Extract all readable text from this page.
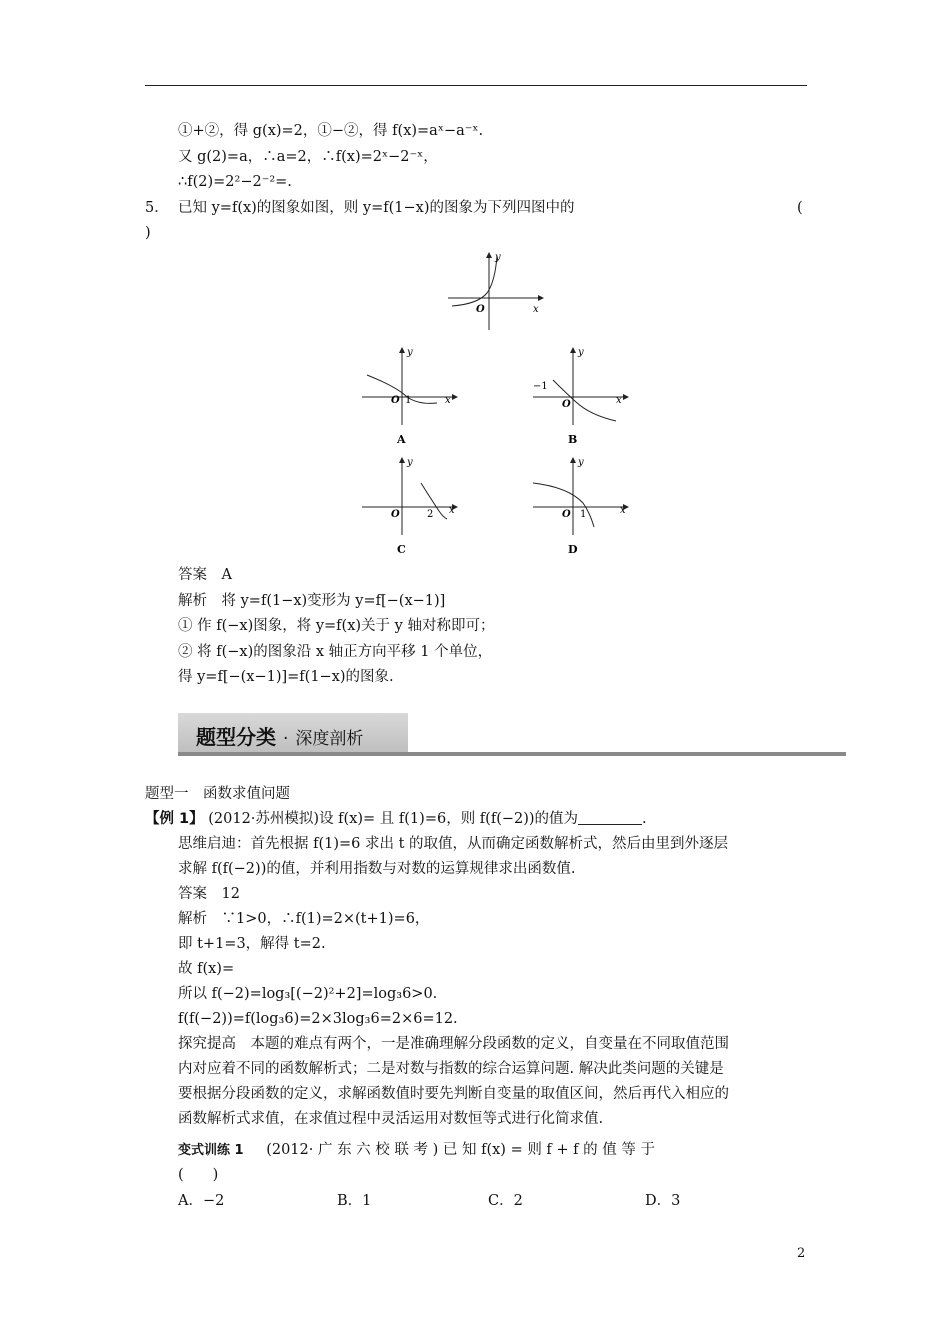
①+②，得 g(x)=2，①−②，得 f(x)=aˣ−a⁻ˣ.
又 g(2)=a，∴a=2，∴f(x)=2ˣ−2⁻ˣ，
∴f(2)=2²−2⁻²=.
5． 已知 y=f(x)的图象如图，则 y=f(1−x)的图象为下列四图中的	(
)
y
x
O
y
x
O 1
A
y
x
O
−1
B
y
x
O	2
C
y
x
O 1
D
答案　A
解析　将 y=f(1−x)变形为 y=f[−(x−1)]
① 作 f(−x)图象，将 y=f(x)关于 y 轴对称即可；
② 将 f(−x)的图象沿 x 轴正方向平移 1 个单位，
得 y=f[−(x−1)]=f(1−x)的图象.
题型分类 · 深度剖析
题型一　函数求值问题
【例 1】 (2012·苏州模拟)设 f(x)= 且 f(1)=6，则 f(f(−2))的值为	.
思维启迪：首先根据 f(1)=6 求出 t 的取值，从而确定函数解析式，然后由里到外逐层
求解 f(f(−2))的值，并利用指数与对数的运算规律求出函数值.
答案　12
解析　∵1>0，∴f(1)=2×(t+1)=6，
即 t+1=3，解得 t=2.
故 f(x)=
所以 f(−2)=log₃[(−2)²+2]=log₃6>0.
f(f(−2))=f(log₃6)=2×3log₃6=2×6=12.
探究提高　本题的难点有两个，一是准确理解分段函数的定义，自变量在不同取值范围
内对应着不同的函数解析式；二是对数与指数的综合运算问题. 解决此类问题的关键是
要根据分段函数的定义，求解函数值时要先判断自变量的取值区间，然后再代入相应的
函数解析式求值，在求值过程中灵活运用对数恒等式进行化简求值.
变式训练 1 (2012· 广 东 六 校 联 考 ) 已 知 f(x) = 则 f + f 的 值 等 于
(　　)
A．−2	B．1	C．2	D．3
2
